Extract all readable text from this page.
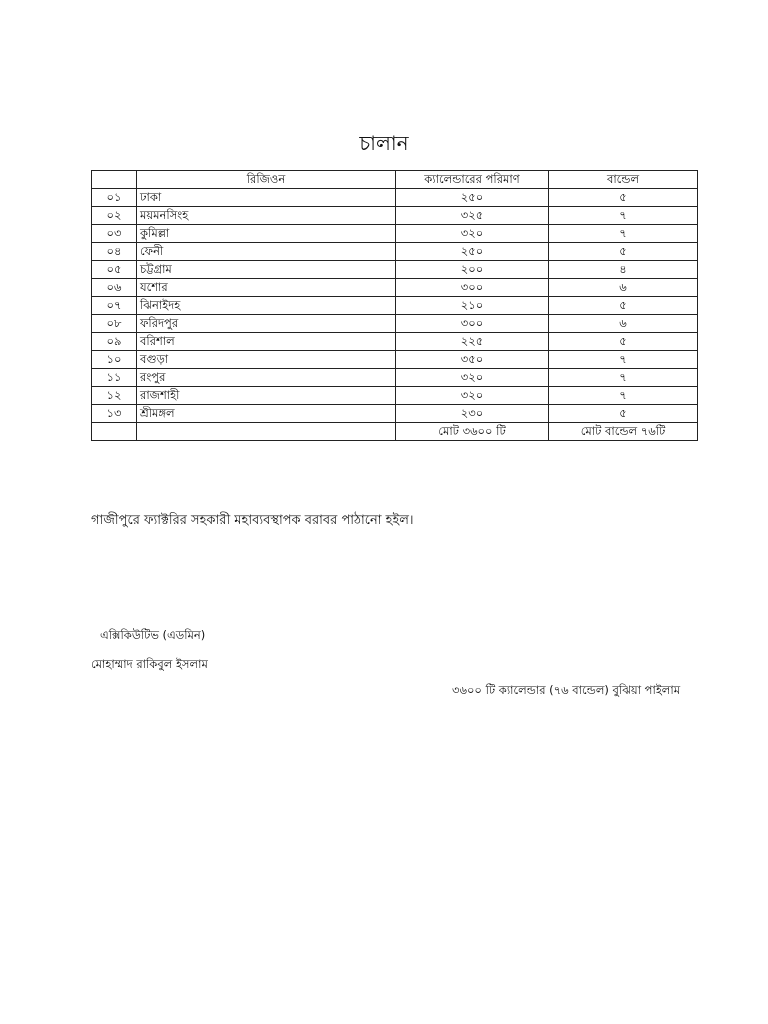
চালান
	রিজিওন	ক্যালেন্ডারের পরিমাণ	বান্ডেল
০১	ঢাকা	২৫০	৫
০২	ময়মনসিংহ	৩২৫	৭
০৩	কুমিল্লা	৩২০	৭
০৪	ফেনী	২৫০	৫
০৫	চট্টগ্রাম	২০০	৪
০৬	যশোর	৩০০	৬
০৭	ঝিনাইদহ	২১০	৫
০৮	ফরিদপুর	৩০০	৬
০৯	বরিশাল	২২৫	৫
১০	বগুড়া	৩৫০	৭
১১	রংপুর	৩২০	৭
১২	রাজশাহী	৩২০	৭
১৩	শ্রীমঙ্গল	২৩০	৫
		মোট ৩৬০০ টি	মোট বান্ডেল ৭৬টি
গাজীপুরে ফ্যাক্টরির সহকারী মহাব্যবস্থাপক বরাবর পাঠানো হইল।
এক্সিকিউটিভ (এডমিন)
মোহাম্মাদ রাকিবুল ইসলাম
৩৬০০ টি ক্যালেন্ডার (৭৬ বান্ডেল) বুঝিয়া পাইলাম
